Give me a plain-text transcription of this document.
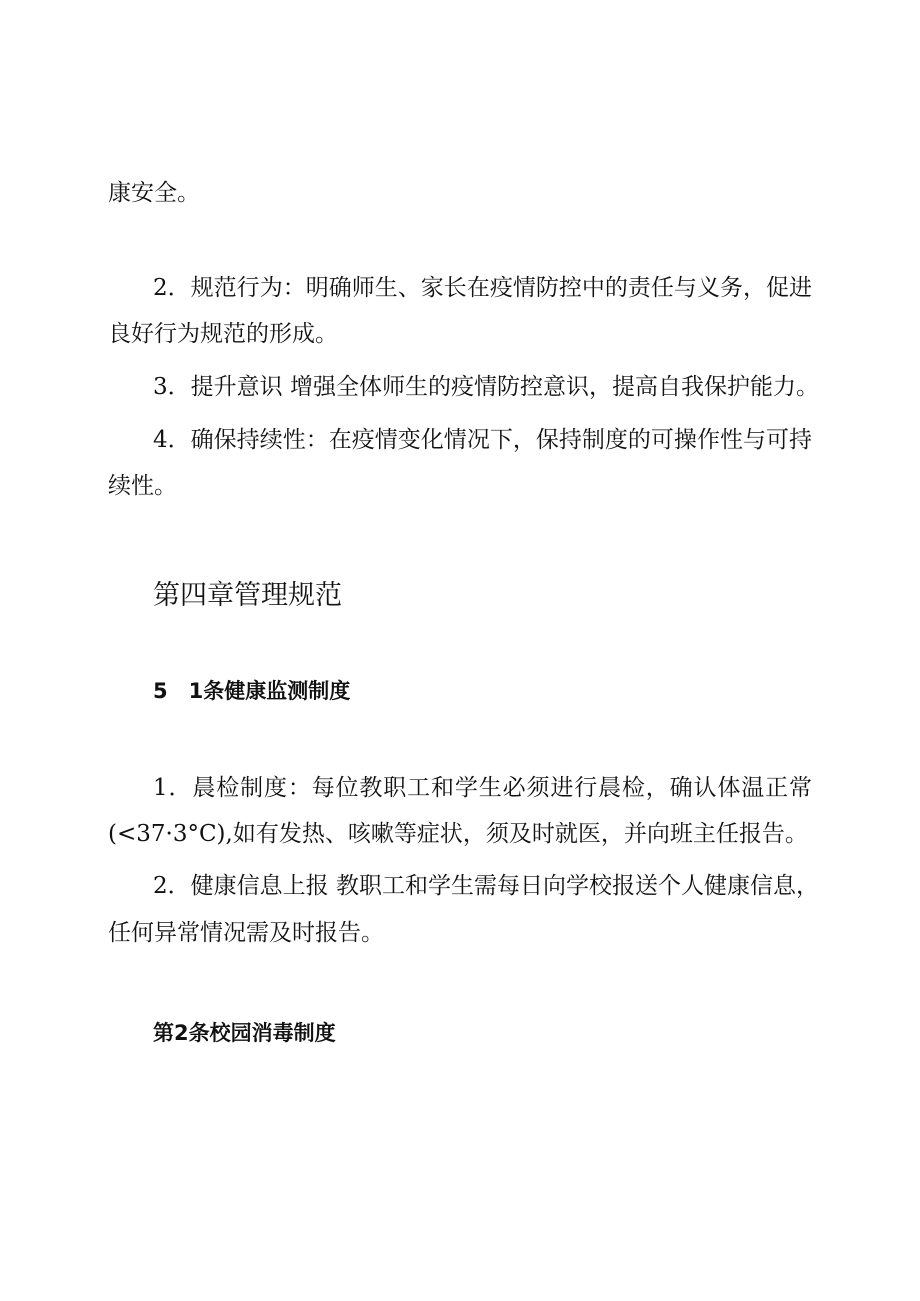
康安全。
2．规范行为：明确师生、家长在疫情防控中的责任与义务，促进
良好行为规范的形成。
3．提升意识 增强全体师生的疫情防控意识，提高自我保护能力。
4．确保持续性：在疫情变化情况下，保持制度的可操作性与可持
续性。
第四章管理规范
5　1条健康监测制度
1．晨检制度：每位教职工和学生必须进行晨检，确认体温正常
(<37·3°C),如有发热、咳嗽等症状，须及时就医，并向班主任报告。
2．健康信息上报 教职工和学生需每日向学校报送个人健康信息，
任何异常情况需及时报告。
第2条校园消毒制度
